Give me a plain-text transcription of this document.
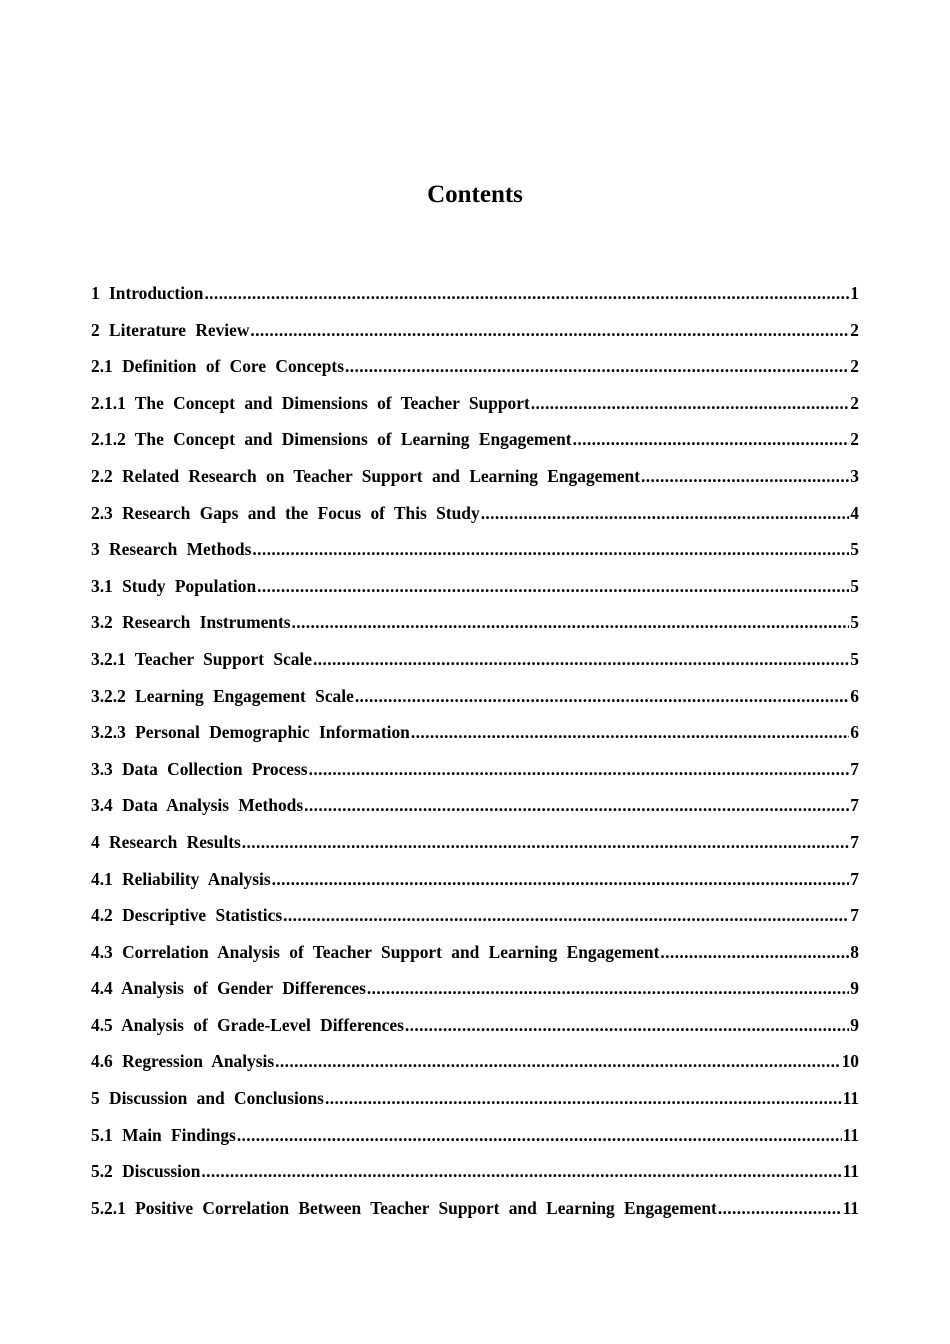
Contents
1 Introduction .....	1
2 Literature Review .....	2
2.1 Definition of Core Concepts .....	2
2.1.1 The Concept and Dimensions of Teacher Support .....	2
2.1.2 The Concept and Dimensions of Learning Engagement .....	2
2.2 Related Research on Teacher Support and Learning Engagement .....	3
2.3 Research Gaps and the Focus of This Study .....	4
3 Research Methods .....	5
3.1 Study Population .....	5
3.2 Research Instruments .....	5
3.2.1 Teacher Support Scale .....	5
3.2.2 Learning Engagement Scale .....	6
3.2.3 Personal Demographic Information .....	6
3.3 Data Collection Process .....	7
3.4 Data Analysis Methods .....	7
4 Research Results .....	7
4.1 Reliability Analysis .....	7
4.2 Descriptive Statistics .....	7
4.3 Correlation Analysis of Teacher Support and Learning Engagement .....	8
4.4 Analysis of Gender Differences .....	9
4.5 Analysis of Grade-Level Differences .....	9
4.6 Regression Analysis .....	10
5 Discussion and Conclusions .....	11
5.1 Main Findings .....	11
5.2 Discussion .....	11
5.2.1 Positive Correlation Between Teacher Support and Learning Engagement .....	11
